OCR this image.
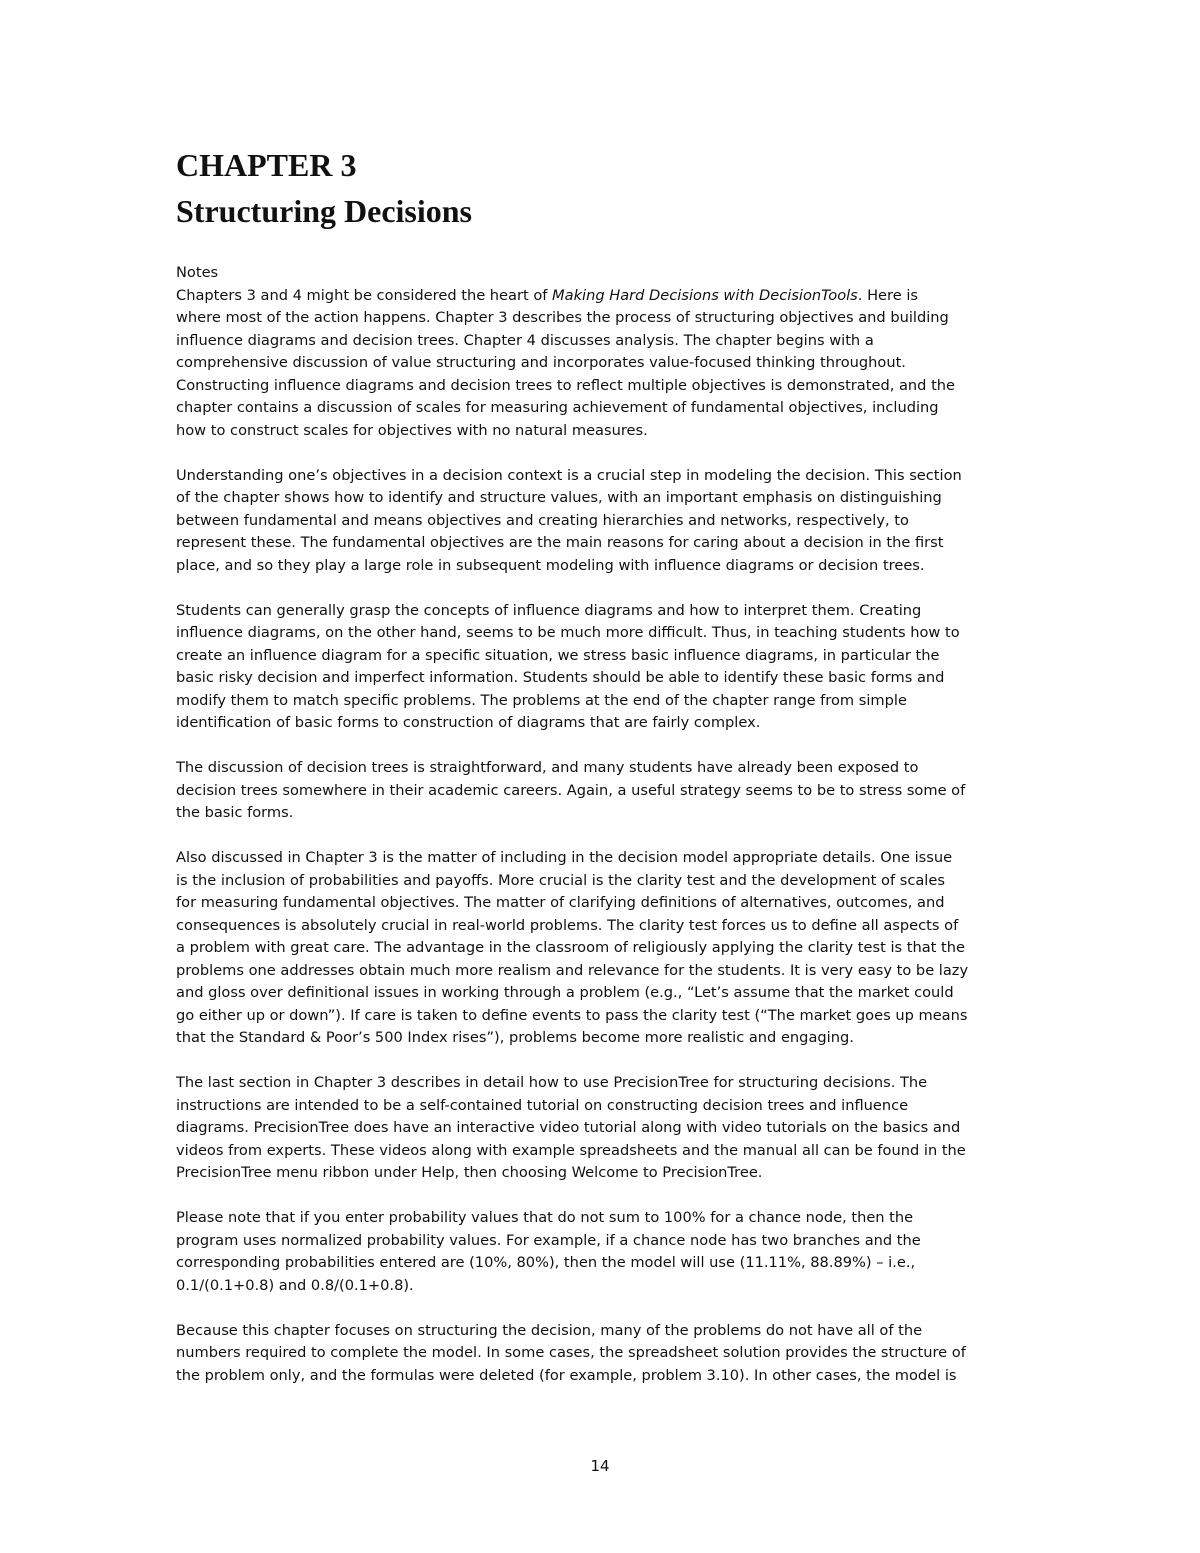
CHAPTER 3
Structuring Decisions
Notes
Chapters 3 and 4 might be considered the heart of Making Hard Decisions with DecisionTools. Here is
where most of the action happens. Chapter 3 describes the process of structuring objectives and building
influence diagrams and decision trees. Chapter 4 discusses analysis. The chapter begins with a
comprehensive discussion of value structuring and incorporates value-focused thinking throughout.
Constructing influence diagrams and decision trees to reflect multiple objectives is demonstrated, and the
chapter contains a discussion of scales for measuring achievement of fundamental objectives, including
how to construct scales for objectives with no natural measures.
Understanding one’s objectives in a decision context is a crucial step in modeling the decision. This section
of the chapter shows how to identify and structure values, with an important emphasis on distinguishing
between fundamental and means objectives and creating hierarchies and networks, respectively, to
represent these. The fundamental objectives are the main reasons for caring about a decision in the first
place, and so they play a large role in subsequent modeling with influence diagrams or decision trees.
Students can generally grasp the concepts of influence diagrams and how to interpret them. Creating
influence diagrams, on the other hand, seems to be much more difficult. Thus, in teaching students how to
create an influence diagram for a specific situation, we stress basic influence diagrams, in particular the
basic risky decision and imperfect information. Students should be able to identify these basic forms and
modify them to match specific problems. The problems at the end of the chapter range from simple
identification of basic forms to construction of diagrams that are fairly complex.
The discussion of decision trees is straightforward, and many students have already been exposed to
decision trees somewhere in their academic careers. Again, a useful strategy seems to be to stress some of
the basic forms.
Also discussed in Chapter 3 is the matter of including in the decision model appropriate details. One issue
is the inclusion of probabilities and payoffs. More crucial is the clarity test and the development of scales
for measuring fundamental objectives. The matter of clarifying definitions of alternatives, outcomes, and
consequences is absolutely crucial in real-world problems. The clarity test forces us to define all aspects of
a problem with great care. The advantage in the classroom of religiously applying the clarity test is that the
problems one addresses obtain much more realism and relevance for the students. It is very easy to be lazy
and gloss over definitional issues in working through a problem (e.g., “Let’s assume that the market could
go either up or down”). If care is taken to define events to pass the clarity test (“The market goes up means
that the Standard & Poor’s 500 Index rises”), problems become more realistic and engaging.
The last section in Chapter 3 describes in detail how to use PrecisionTree for structuring decisions. The
instructions are intended to be a self-contained tutorial on constructing decision trees and influence
diagrams. PrecisionTree does have an interactive video tutorial along with video tutorials on the basics and
videos from experts. These videos along with example spreadsheets and the manual all can be found in the
PrecisionTree menu ribbon under Help, then choosing Welcome to PrecisionTree.
Please note that if you enter probability values that do not sum to 100% for a chance node, then the
program uses normalized probability values. For example, if a chance node has two branches and the
corresponding probabilities entered are (10%, 80%), then the model will use (11.11%, 88.89%) – i.e.,
0.1/(0.1+0.8) and 0.8/(0.1+0.8).
Because this chapter focuses on structuring the decision, many of the problems do not have all of the
numbers required to complete the model. In some cases, the spreadsheet solution provides the structure of
the problem only, and the formulas were deleted (for example, problem 3.10). In other cases, the model is
14
